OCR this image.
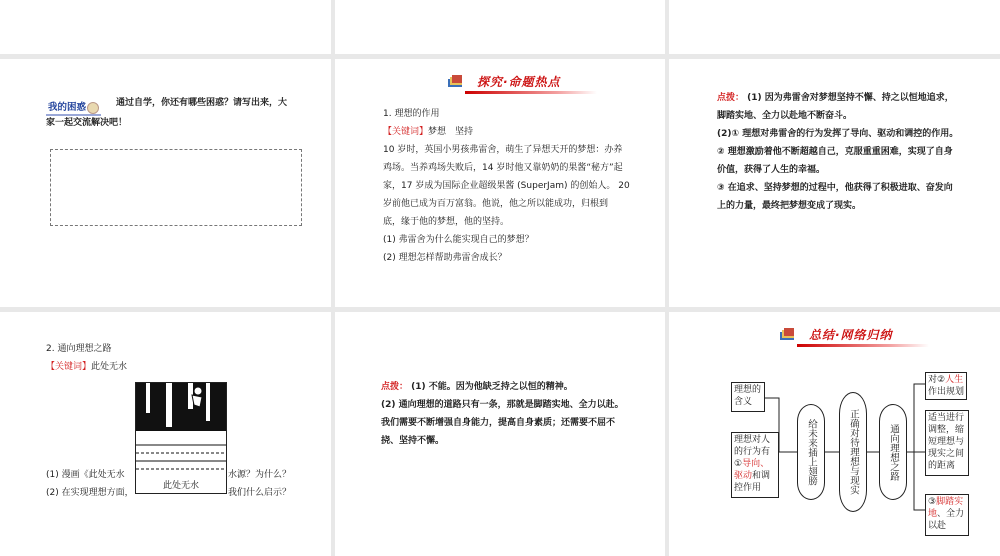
我的困惑	通过自学，你还有哪些困惑？请写出来，大
家一起交流解决吧！
探究·命题热点
1. 理想的作用
【关键词】梦想　坚持
10 岁时，英国小男孩弗雷舍，萌生了异想天开的梦想：办养
鸡场。当养鸡场失败后，14 岁时他又靠奶奶的果酱“秘方”起
家，17 岁成为国际企业超级果酱 (SuperJam) 的创始人。 20
岁前他已成为百万富翁。他说，他之所以能成功，归根到
底，缘于他的梦想，他的坚持。
(1) 弗雷舍为什么能实现自己的梦想？
(2) 理想怎样帮助弗雷舍成长？
点拨： (1) 因为弗雷舍对梦想坚持不懈、持之以恒地追求，
脚踏实地、全力以赴地不断奋斗。
(2)① 理想对弗雷舍的行为发挥了导向、驱动和调控的作用。
② 理想激励着他不断超越自己，克服重重困难，实现了自身
价值，获得了人生的幸福。
③ 在追求、坚持梦想的过程中，他获得了积极进取、奋发向
上的力量，最终把梦想变成了现实。
2. 通向理想之路
【关键词】此处无水
此处无水
(1) 漫画《此处无水	水源？为什么？
(2) 在实现理想方面，	我们什么启示？
点拨： (1) 不能。因为他缺乏持之以恒的精神。
(2) 通向理想的道路只有一条，那就是脚踏实地、全力以赴。
我们需要不断增强自身能力，提高自身素质；还需要不屈不
挠、坚持不懈。
总结·网络归纳
理想的含义
理想对人的行为有①导向、驱动和调控作用
给未来插上翅膀	正确对待理想与现实	通向理想之路
对②人生作出规划
适当进行调整，缩短理想与现实之间的距离
③脚踏实地、全力以赴
